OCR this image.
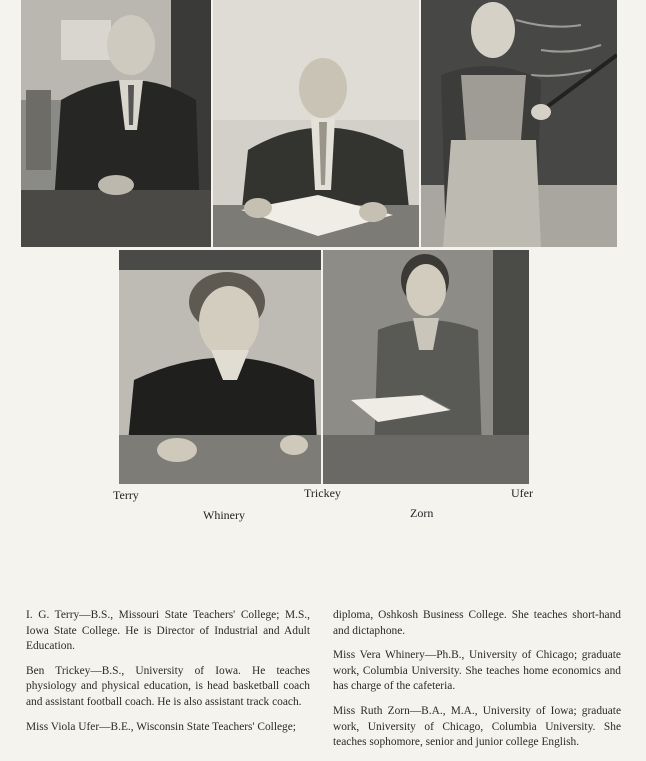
Terry	Trickey	Ufer
Whinery	Zorn

I. G. Terry—B.S., Missouri State Teachers' College; M.S., Iowa State College. He is Director of Industrial and Adult Education.

Ben Trickey—B.S., University of Iowa. He teaches physiology and physical education, is head basketball coach and assistant football coach. He is also assistant track coach.

Miss Viola Ufer—B.E., Wisconsin State Teachers' College;

diploma, Oshkosh Business College. She teaches short-hand and dictaphone.

Miss Vera Whinery—Ph.B., University of Chicago; graduate work, Columbia University. She teaches home economics and has charge of the cafeteria.

Miss Ruth Zorn—B.A., M.A., University of Iowa; graduate work, University of Chicago, Columbia University. She teaches sophomore, senior and junior college English.
